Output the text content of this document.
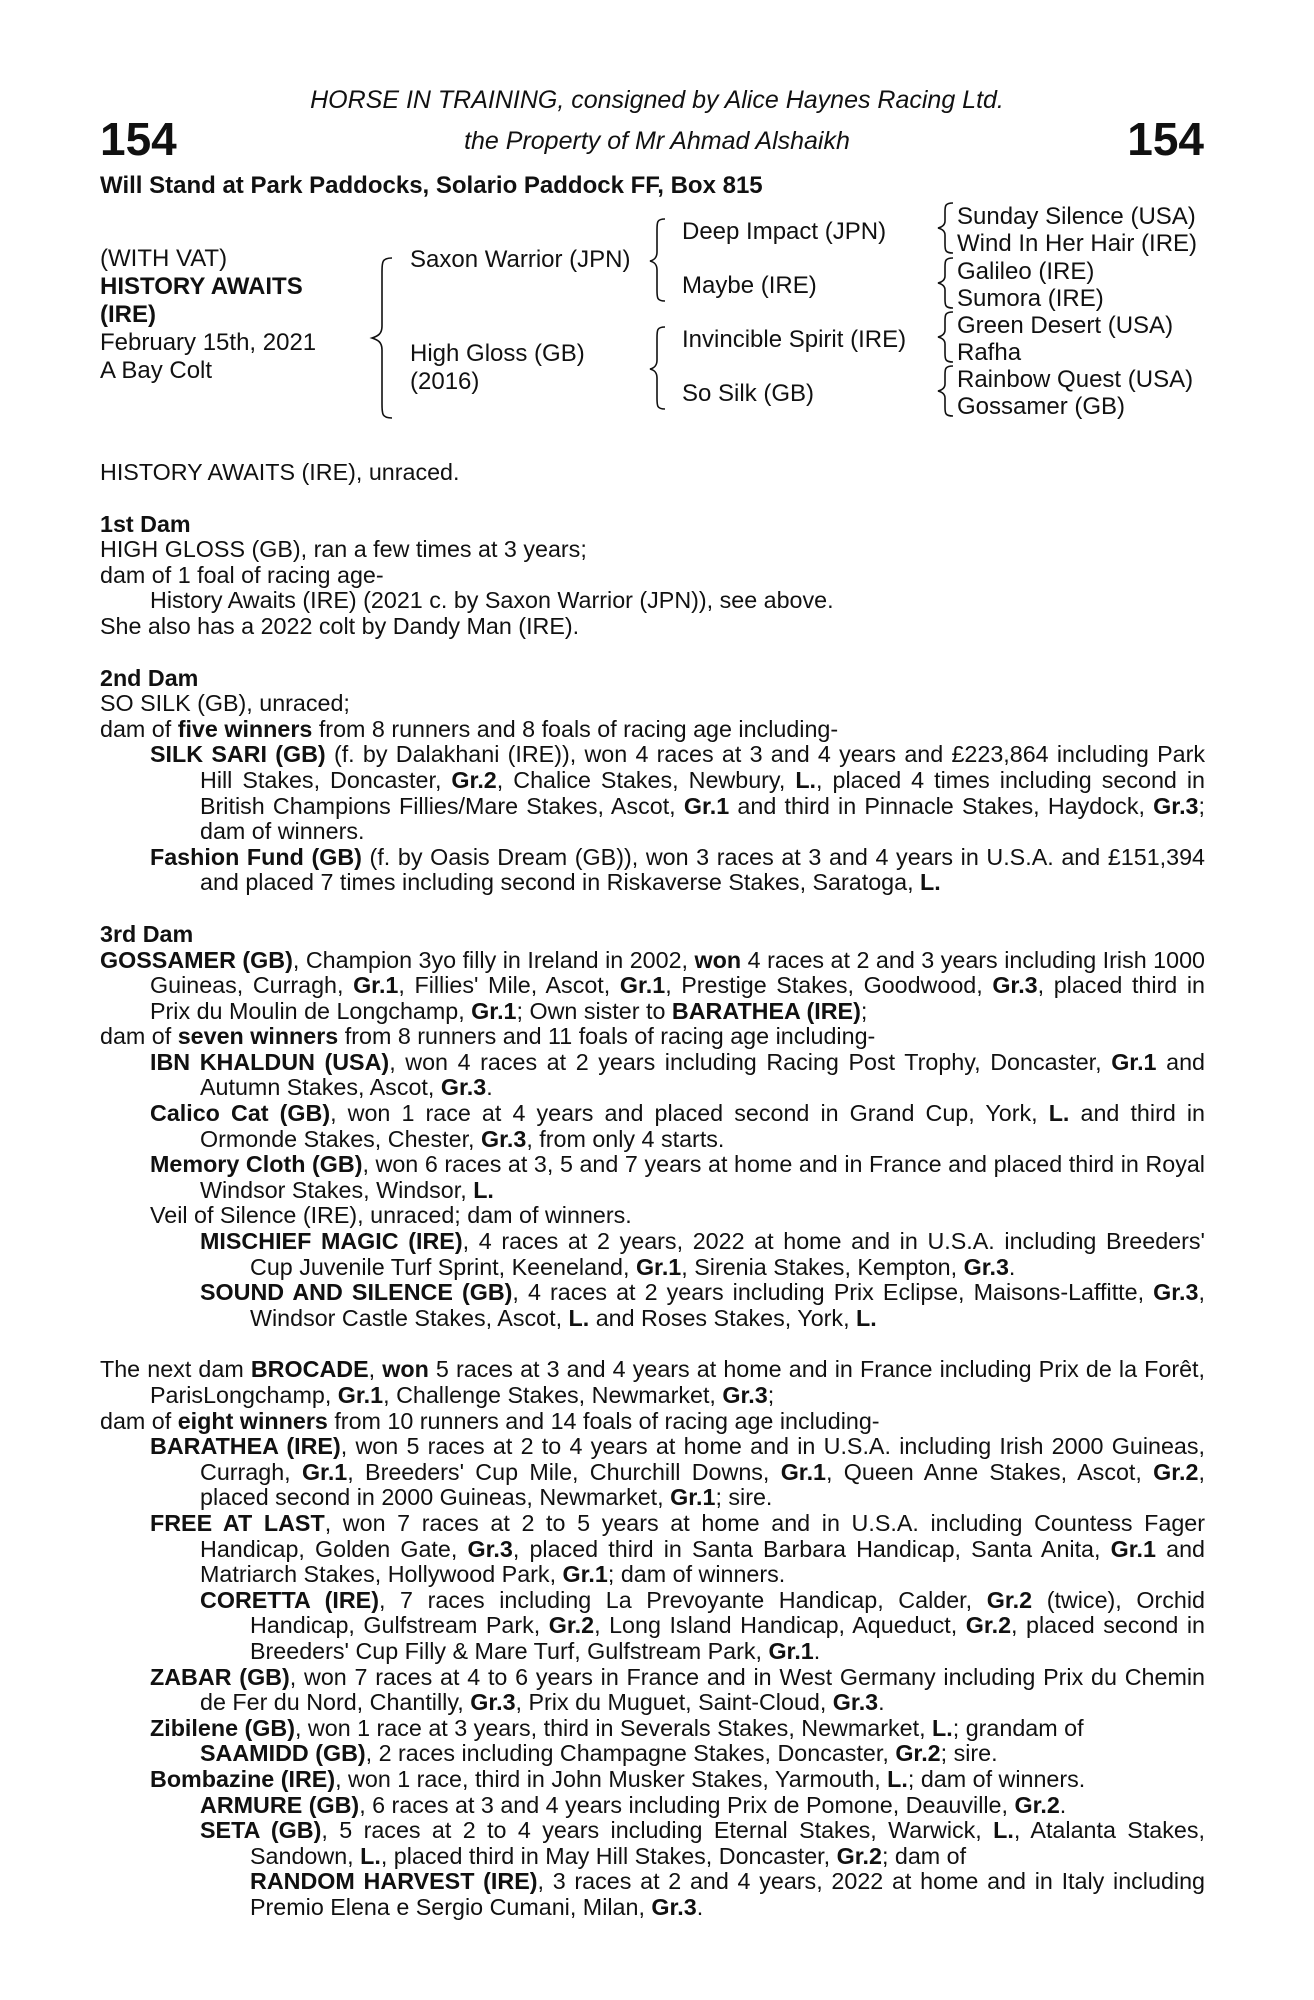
154	154
HORSE IN TRAINING, consigned by Alice Haynes Racing Ltd.
the Property of Mr Ahmad Alshaikh
Will Stand at Park Paddocks, Solario Paddock FF, Box 815
(WITH VAT)
HISTORY AWAITS
(IRE)
February 15th, 2021
A Bay Colt
Saxon Warrior (JPN)
High Gloss (GB)
(2016)
Deep Impact (JPN)
Maybe (IRE)
Invincible Spirit (IRE)
So Silk (GB)
Sunday Silence (USA)
Wind In Her Hair (IRE)
Galileo (IRE)
Sumora (IRE)
Green Desert (USA)
Rafha
Rainbow Quest (USA)
Gossamer (GB)

HISTORY AWAITS (IRE), unraced.

1st Dam

HIGH GLOSS (GB), ran a few times at 3 years;

dam of 1 foal of racing age-

History Awaits (IRE) (2021 c. by Saxon Warrior (JPN)), see above.

She also has a 2022 colt by Dandy Man (IRE).

2nd Dam

SO SILK (GB), unraced;

dam of five winners from 8 runners and 8 foals of racing age including-

SILK SARI (GB) (f. by Dalakhani (IRE)), won 4 races at 3 and 4 years and £223,864 including Park Hill Stakes, Doncaster, Gr.2, Chalice Stakes, Newbury, L., placed 4 times including second in British Champions Fillies/Mare Stakes, Ascot, Gr.1 and third in Pinnacle Stakes, Haydock, Gr.3; dam of winners.

Fashion Fund (GB) (f. by Oasis Dream (GB)), won 3 races at 3 and 4 years in U.S.A. and £151,394 and placed 7 times including second in Riskaverse Stakes, Saratoga, L.

3rd Dam

GOSSAMER (GB), Champion 3yo filly in Ireland in 2002, won 4 races at 2 and 3 years including Irish 1000 Guineas, Curragh, Gr.1, Fillies' Mile, Ascot, Gr.1, Prestige Stakes, Goodwood, Gr.3, placed third in Prix du Moulin de Longchamp, Gr.1; Own sister to BARATHEA (IRE);

dam of seven winners from 8 runners and 11 foals of racing age including-

IBN KHALDUN (USA), won 4 races at 2 years including Racing Post Trophy, Doncaster, Gr.1 and Autumn Stakes, Ascot, Gr.3.

Calico Cat (GB), won 1 race at 4 years and placed second in Grand Cup, York, L. and third in Ormonde Stakes, Chester, Gr.3, from only 4 starts.

Memory Cloth (GB), won 6 races at 3, 5 and 7 years at home and in France and placed third in Royal Windsor Stakes, Windsor, L.

Veil of Silence (IRE), unraced; dam of winners.

MISCHIEF MAGIC (IRE), 4 races at 2 years, 2022 at home and in U.S.A. including Breeders' Cup Juvenile Turf Sprint, Keeneland, Gr.1, Sirenia Stakes, Kempton, Gr.3.

SOUND AND SILENCE (GB), 4 races at 2 years including Prix Eclipse, Maisons-Laffitte, Gr.3, Windsor Castle Stakes, Ascot, L. and Roses Stakes, York, L.

The next dam BROCADE, won 5 races at 3 and 4 years at home and in France including Prix de la Forêt, ParisLongchamp, Gr.1, Challenge Stakes, Newmarket, Gr.3;

dam of eight winners from 10 runners and 14 foals of racing age including-

BARATHEA (IRE), won 5 races at 2 to 4 years at home and in U.S.A. including Irish 2000 Guineas, Curragh, Gr.1, Breeders' Cup Mile, Churchill Downs, Gr.1, Queen Anne Stakes, Ascot, Gr.2, placed second in 2000 Guineas, Newmarket, Gr.1; sire.

FREE AT LAST, won 7 races at 2 to 5 years at home and in U.S.A. including Countess Fager Handicap, Golden Gate, Gr.3, placed third in Santa Barbara Handicap, Santa Anita, Gr.1 and Matriarch Stakes, Hollywood Park, Gr.1; dam of winners.

CORETTA (IRE), 7 races including La Prevoyante Handicap, Calder, Gr.2 (twice), Orchid Handicap, Gulfstream Park, Gr.2, Long Island Handicap, Aqueduct, Gr.2, placed second in Breeders' Cup Filly & Mare Turf, Gulfstream Park, Gr.1.

ZABAR (GB), won 7 races at 4 to 6 years in France and in West Germany including Prix du Chemin de Fer du Nord, Chantilly, Gr.3, Prix du Muguet, Saint-Cloud, Gr.3.

Zibilene (GB), won 1 race at 3 years, third in Severals Stakes, Newmarket, L.; grandam of
SAAMIDD (GB), 2 races including Champagne Stakes, Doncaster, Gr.2; sire.

Bombazine (IRE), won 1 race, third in John Musker Stakes, Yarmouth, L.; dam of winners.

ARMURE (GB), 6 races at 3 and 4 years including Prix de Pomone, Deauville, Gr.2.

SETA (GB), 5 races at 2 to 4 years including Eternal Stakes, Warwick, L., Atalanta Stakes, Sandown, L., placed third in May Hill Stakes, Doncaster, Gr.2; dam of
RANDOM HARVEST (IRE), 3 races at 2 and 4 years, 2022 at home and in Italy including Premio Elena e Sergio Cumani, Milan, Gr.3.
